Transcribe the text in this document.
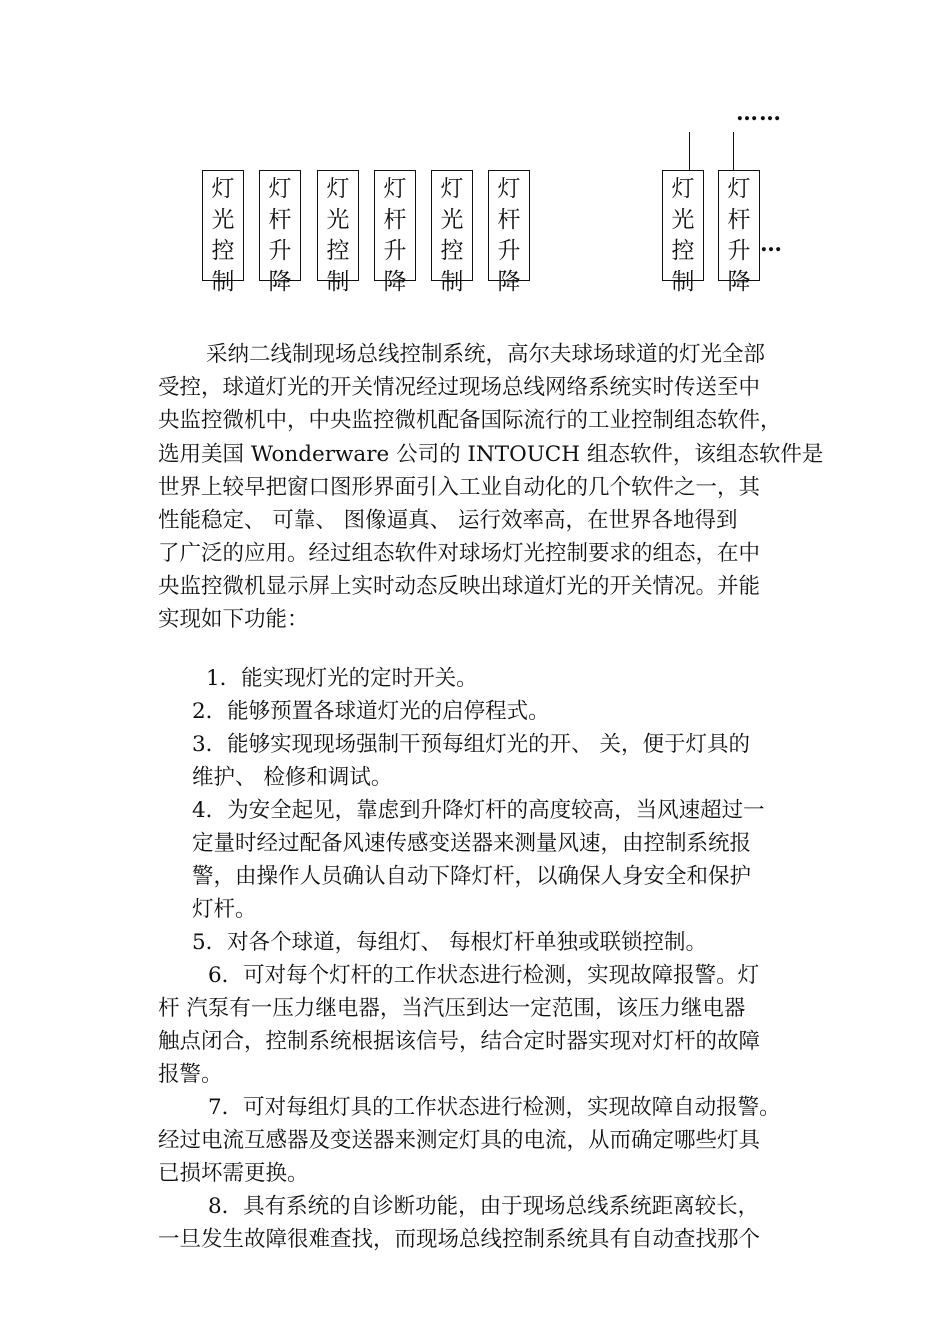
……
灯
光
控
制
灯
杆
升
降
灯
光
控
制
灯
杆
升
降
灯
光
控
制
灯
杆
升
降
灯
光
控
制
灯
杆
升
降
…
采纳二线制现场总线控制系统，高尔夫球场球道的灯光全部
受控，球道灯光的开关情况经过现场总线网络系统实时传送至中
央监控微机中，中央监控微机配备国际流行的工业控制组态软件，
选用美国 Wonderware 公司的 INTOUCH 组态软件，该组态软件是
世界上较早把窗口图形界面引入工业自动化的几个软件之一，其
性能稳定、 可靠、 图像逼真、 运行效率高，在世界各地得到
了广泛的应用。经过组态软件对球场灯光控制要求的组态，在中
央监控微机显示屏上实时动态反映出球道灯光的开关情况。并能
实现如下功能：
1．能实现灯光的定时开关。
2．能够预置各球道灯光的启停程式。
3．能够实现现场强制干预每组灯光的开、 关，便于灯具的
维护、 检修和调试。
4．为安全起见，靠虑到升降灯杆的高度较高，当风速超过一
定量时经过配备风速传感变送器来测量风速，由控制系统报
警，由操作人员确认自动下降灯杆，以确保人身安全和保护
灯杆。
5．对各个球道，每组灯、 每根灯杆单独或联锁控制。
6．可对每个灯杆的工作状态进行检测，实现故障报警。灯
杆 汽泵有一压力继电器，当汽压到达一定范围，该压力继电器
触点闭合，控制系统根据该信号，结合定时器实现对灯杆的故障
报警。
7．可对每组灯具的工作状态进行检测，实现故障自动报警。
经过电流互感器及变送器来测定灯具的电流，从而确定哪些灯具
已损坏需更换。
8．具有系统的自诊断功能，由于现场总线系统距离较长，
一旦发生故障很难查找，而现场总线控制系统具有自动查找那个
